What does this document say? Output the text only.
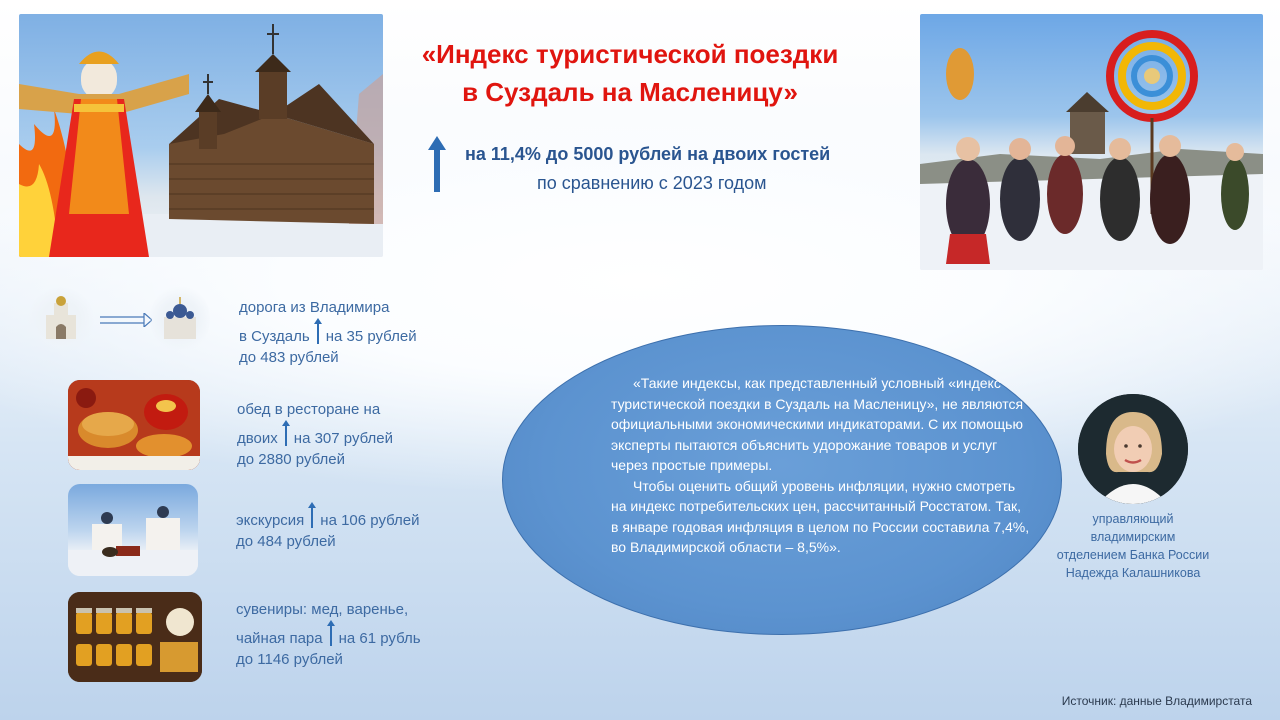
«Индекс туристической поездки
в Суздаль на Масленицу»
на 11,4% до 5000 рублей на двоих гостей
по сравнению с 2023 годом
дорога из Владимира
в Суздаль на 35 рублей
до 483 рублей
обед в ресторане на
двоих на 307 рублей
до 2880 рублей
экскурсия на 106 рублей
до 484 рублей
сувениры: мед, варенье,
чайная пара на 61 рубль
до 1146 рублей

«Такие индексы, как представленный условный «индекс туристической поездки в Суздаль на Масленицу», не являются официальными экономическими индикаторами. С их помощью эксперты пытаются объяснить удорожание товаров и услуг через простые примеры.

Чтобы оценить общий уровень инфляции, нужно смотреть на индекс потребительских цен, рассчитанный Росстатом. Так, в январе годовая инфляция в целом по России составила 7,4%, во Владимирской области – 8,5%».

управляющий
владимирским
отделением Банка России
Надежда Калашникова
Источник: данные Владимирстата
